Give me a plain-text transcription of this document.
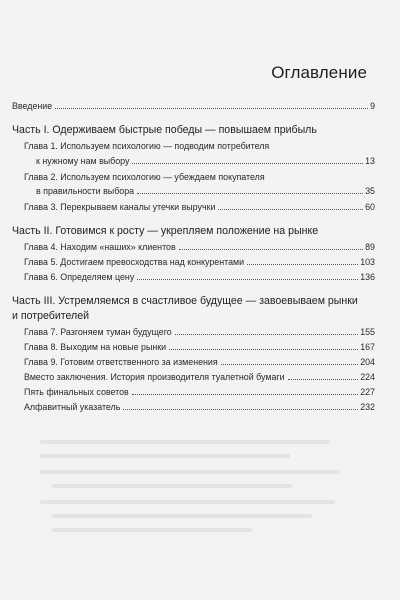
Оглавление
Введение	9
Часть I. Одерживаем быстрые победы — повышаем прибыль
Глава 1. Используем психологию — подводим потребителя
к нужному нам выбору	13
Глава 2. Используем психологию — убеждаем покупателя
в правильности выбора	35
Глава 3. Перекрываем каналы утечки выручки	60
Часть II. Готовимся к росту — укрепляем положение на рынке
Глава 4. Находим «наших» клиентов	89
Глава 5. Достигаем превосходства над конкурентами	103
Глава 6. Определяем цену	136
Часть III. Устремляемся в счастливое будущее — завоевываем рынки
и потребителей
Глава 7. Разгоняем туман будущего	155
Глава 8. Выходим на новые рынки	167
Глава 9. Готовим ответственного за изменения	204
Вместо заключения. История производителя туалетной бумаги	224
Пять финальных советов	227
Алфавитный указатель	232
